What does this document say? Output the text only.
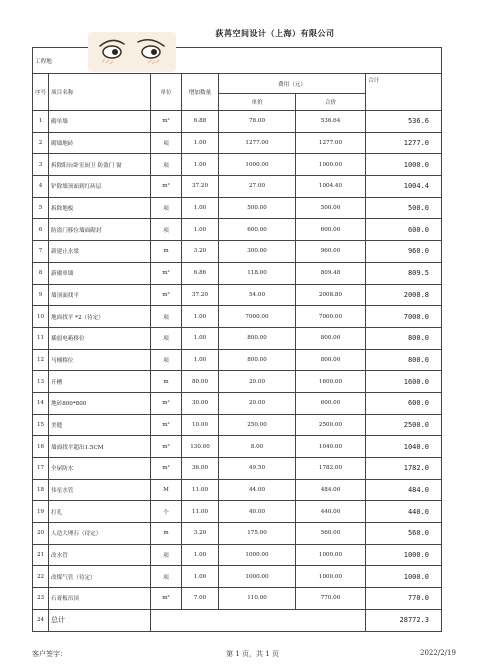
荻苒空间设计（上海）有限公司
工程地						
序号	项目名称	单位	增加数量	费用（元）		合计
				单价	合价	
1	砌单墙	m²	6.88	78.00	536.64	536.6
2	砌墙地砖	项	1.00	1277.00	1277.00	1277.0
3	拆除阳台卧室厨卫 防盗门 窗	项	1.00	1000.00	1000.00	1000.0
4	铲除墙顶面到红砖层	m²	37.20	27.00	1004.40	1004.4
5	拆除地板	项	1.00	500.00	500.00	500.0
6	防盗门移位墙面砌封	项	1.00	600.00	600.00	600.0
7	新建止水梁	m	3.20	300.00	960.00	960.0
8	新砌单墙	m²	6.86	118.00	809.48	809.5
9	墙顶面找平	m²	37.20	54.00	2008.80	2008.8
10	地面找平 *2（待定）	项	1.00	7000.00	7000.00	7000.0
11	插弱电箱移位	项	1.00	800.00	800.00	800.0
12	马桶移位	项	1.00	800.00	800.00	800.0
13	开槽	m	80.00	20.00	1600.00	1600.0
14	地砖800*800	m²	30.00	20.00	600.00	600.0
15	美缝	m²	10.00	250.00	2500.00	2500.0
16	墙面找平超出1.5CM	m²	130.00	8.00	1040.00	1040.0
17	全屋防水	m²	36.00	49.50	1782.00	1782.0
18	伟星水管	M	11.00	44.00	484.00	484.0
19	打孔	个	11.00	40.00	440.00	440.0
20	人造大理石（待定）	m	3.20	175.00	560.00	560.0
21	改水管	项	1.00	1000.00	1000.00	1000.0
22	改煤气管（待定）	项	1.00	1000.00	1000.00	1000.0
23	石膏板吊顶	m²	7.00	110.00	770.00	770.0
24	总计					28772.3
客户签字：	第 1 页，共 1 页	2022/2/19
